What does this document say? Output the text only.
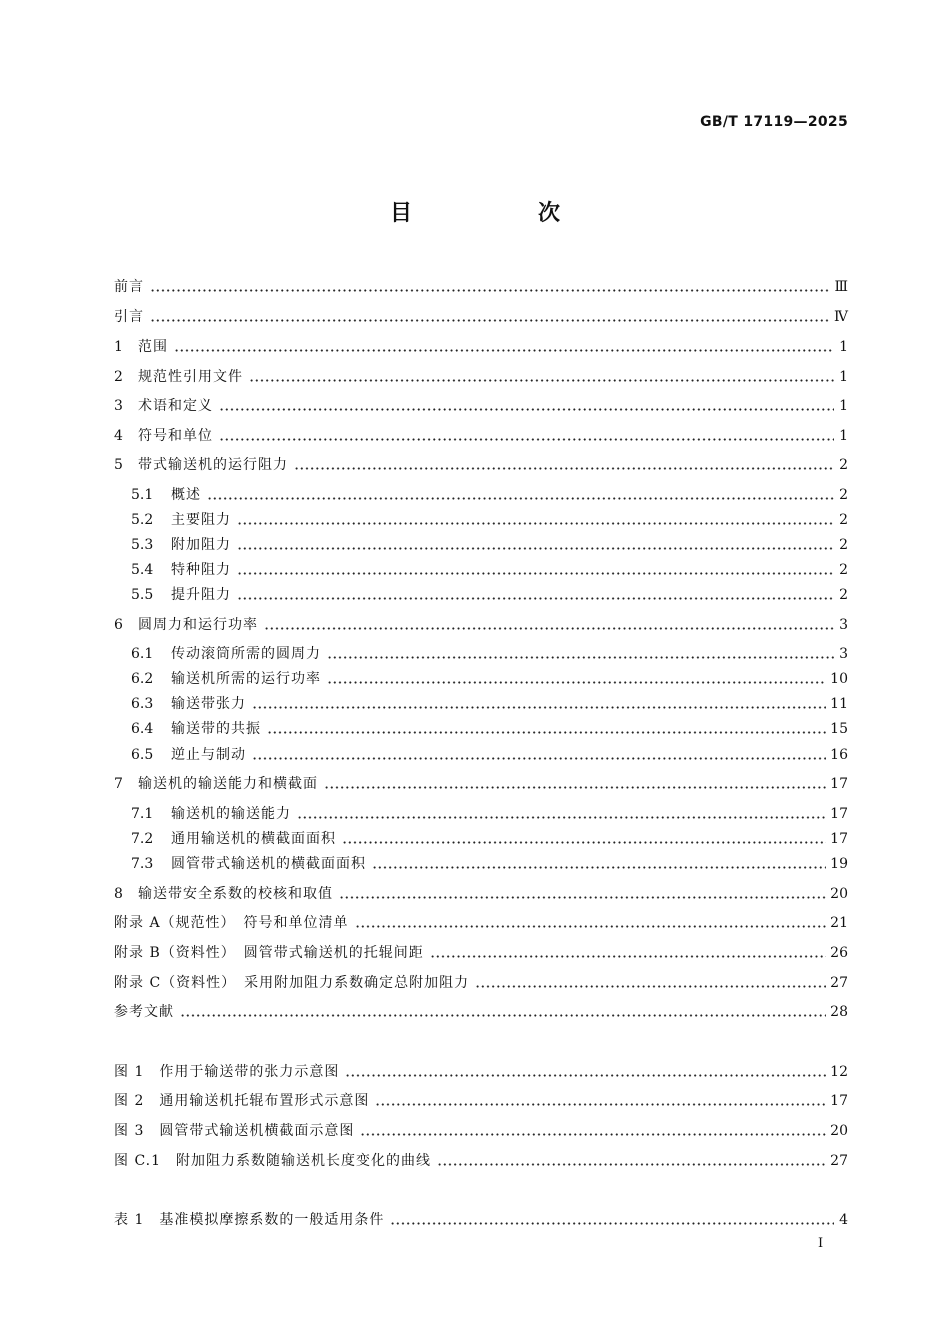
GB/T 17119—2025
目　次
前言	Ⅲ
引言	Ⅳ
1	范围	1
2	规范性引用文件	1
3	术语和定义	1
4	符号和单位	1
5	带式输送机的运行阻力	2
5.1	概述	2
5.2	主要阻力	2
5.3	附加阻力	2
5.4	特种阻力	2
5.5	提升阻力	2
6	圆周力和运行功率	3
6.1	传动滚筒所需的圆周力	3
6.2	输送机所需的运行功率	10
6.3	输送带张力	11
6.4	输送带的共振	15
6.5	逆止与制动	16
7	输送机的输送能力和横截面	17
7.1	输送机的输送能力	17
7.2	通用输送机的横截面面积	17
7.3	圆管带式输送机的横截面面积	19
8	输送带安全系数的校核和取值	20
附录 A（规范性）　符号和单位清单	21
附录 B（资料性）　圆管带式输送机的托辊间距	26
附录 C（资料性）　采用附加阻力系数确定总附加阻力	27
参考文献	28
图 1　作用于输送带的张力示意图	12
图 2　通用输送机托辊布置形式示意图	17
图 3　圆管带式输送机横截面示意图	20
图 C.1　附加阻力系数随输送机长度变化的曲线	27
表 1　基准模拟摩擦系数的一般适用条件	4
I
